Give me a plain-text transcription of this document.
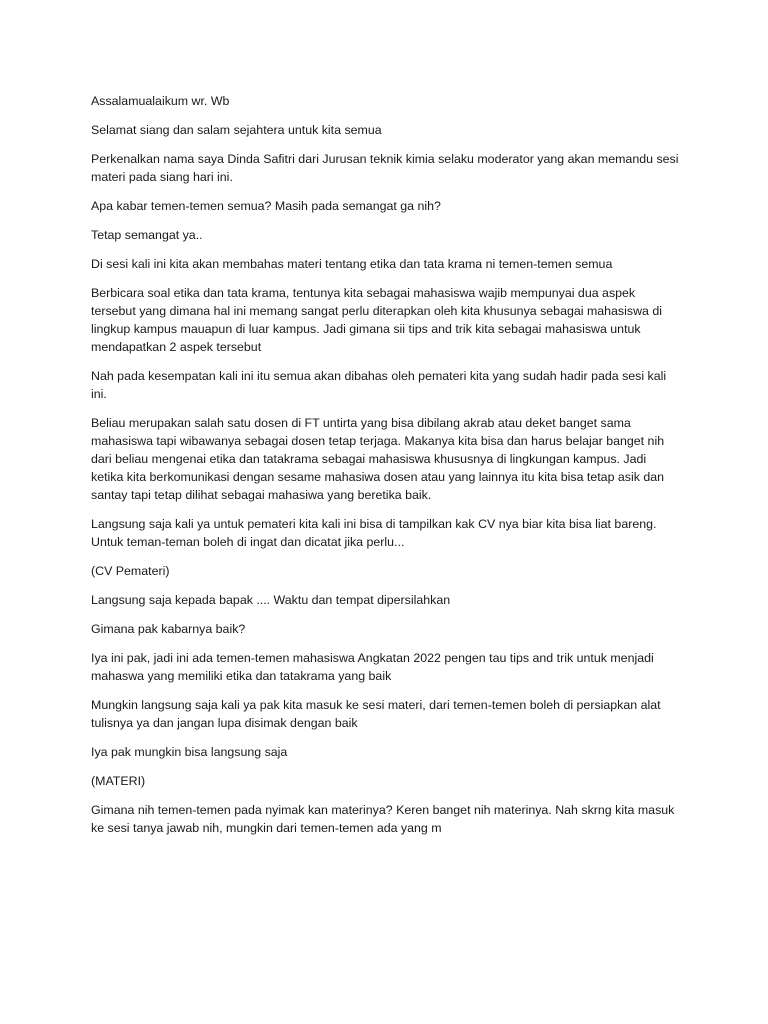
Assalamualaikum wr. Wb

Selamat siang dan salam sejahtera untuk kita semua

Perkenalkan nama saya Dinda Safitri dari Jurusan teknik kimia selaku moderator yang akan memandu sesi materi pada siang hari ini.

Apa kabar temen-temen semua? Masih pada semangat ga nih?

Tetap semangat ya..

Di sesi kali ini kita akan membahas materi tentang etika dan tata krama ni temen-temen semua

Berbicara soal etika dan tata krama, tentunya kita sebagai mahasiswa wajib mempunyai dua aspek tersebut yang dimana hal ini memang sangat perlu diterapkan oleh kita khusunya sebagai mahasiswa di lingkup kampus mauapun di luar kampus. Jadi gimana sii tips and trik kita sebagai mahasiswa untuk mendapatkan 2 aspek tersebut

Nah pada kesempatan kali ini itu semua akan dibahas oleh pemateri kita yang sudah hadir pada sesi kali ini.

Beliau merupakan salah satu dosen di FT untirta yang bisa dibilang akrab atau deket banget sama mahasiswa tapi wibawanya sebagai dosen tetap terjaga. Makanya kita bisa dan harus belajar banget nih dari beliau mengenai etika dan tatakrama sebagai mahasiswa khususnya di lingkungan kampus. Jadi ketika kita berkomunikasi dengan sesame mahasiwa dosen atau yang lainnya itu kita bisa tetap asik dan santay tapi tetap dilihat sebagai mahasiwa yang beretika baik.

Langsung saja kali ya untuk pemateri kita kali ini bisa di tampilkan kak CV nya biar kita bisa liat bareng. Untuk teman-teman boleh di ingat dan dicatat jika perlu...

(CV Pemateri)

Langsung saja kepada bapak .... Waktu dan tempat dipersilahkan

Gimana pak kabarnya baik?

Iya ini pak, jadi ini ada temen-temen mahasiswa Angkatan 2022 pengen tau tips and trik untuk menjadi mahaswa yang memiliki etika dan tatakrama yang baik

Mungkin langsung saja kali ya pak kita masuk ke sesi materi, dari temen-temen boleh di persiapkan alat tulisnya ya dan jangan lupa disimak dengan baik

Iya pak mungkin bisa langsung saja

(MATERI)

Gimana nih temen-temen pada nyimak kan materinya? Keren banget nih materinya. Nah skrng kita masuk ke sesi tanya jawab nih, mungkin dari temen-temen ada yang m
